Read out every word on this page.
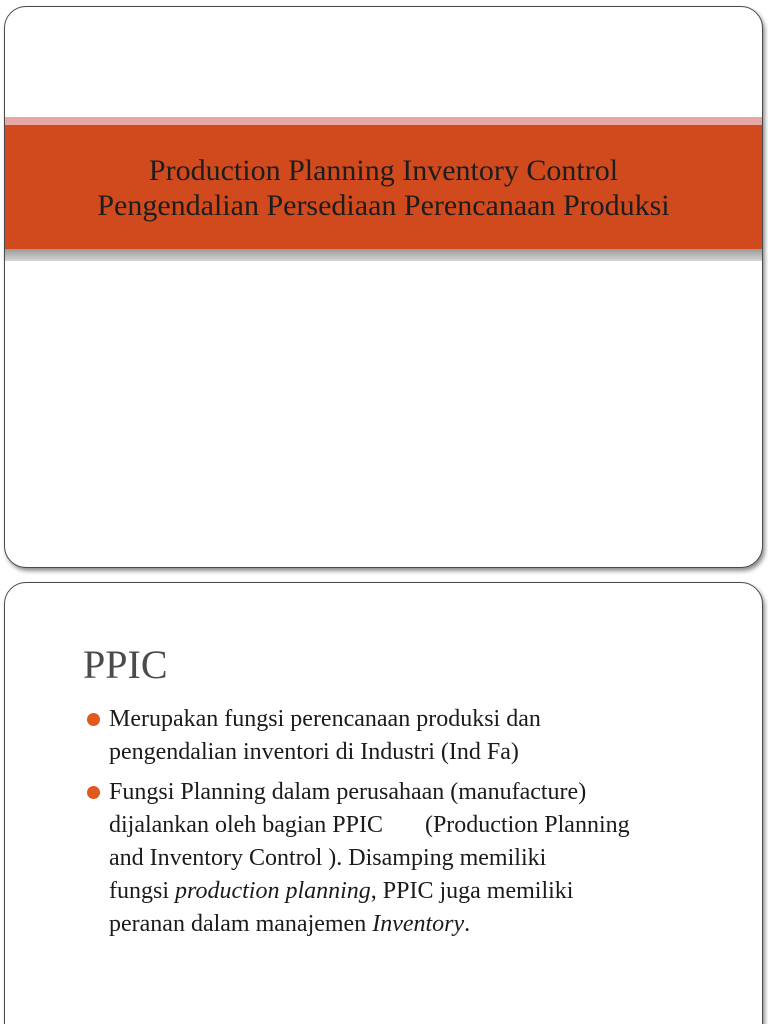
Production Planning Inventory Control
Pengendalian Persediaan Perencanaan Produksi
PPIC
Merupakan fungsi perencanaan produksi dan
pengendalian inventori di Industri (Ind Fa)
Fungsi Planning dalam perusahaan (manufacture)
dijalankan oleh bagian PPIC (Production Planning
and Inventory Control ). Disamping memiliki
fungsi production planning, PPIC juga memiliki
peranan dalam manajemen Inventory.
